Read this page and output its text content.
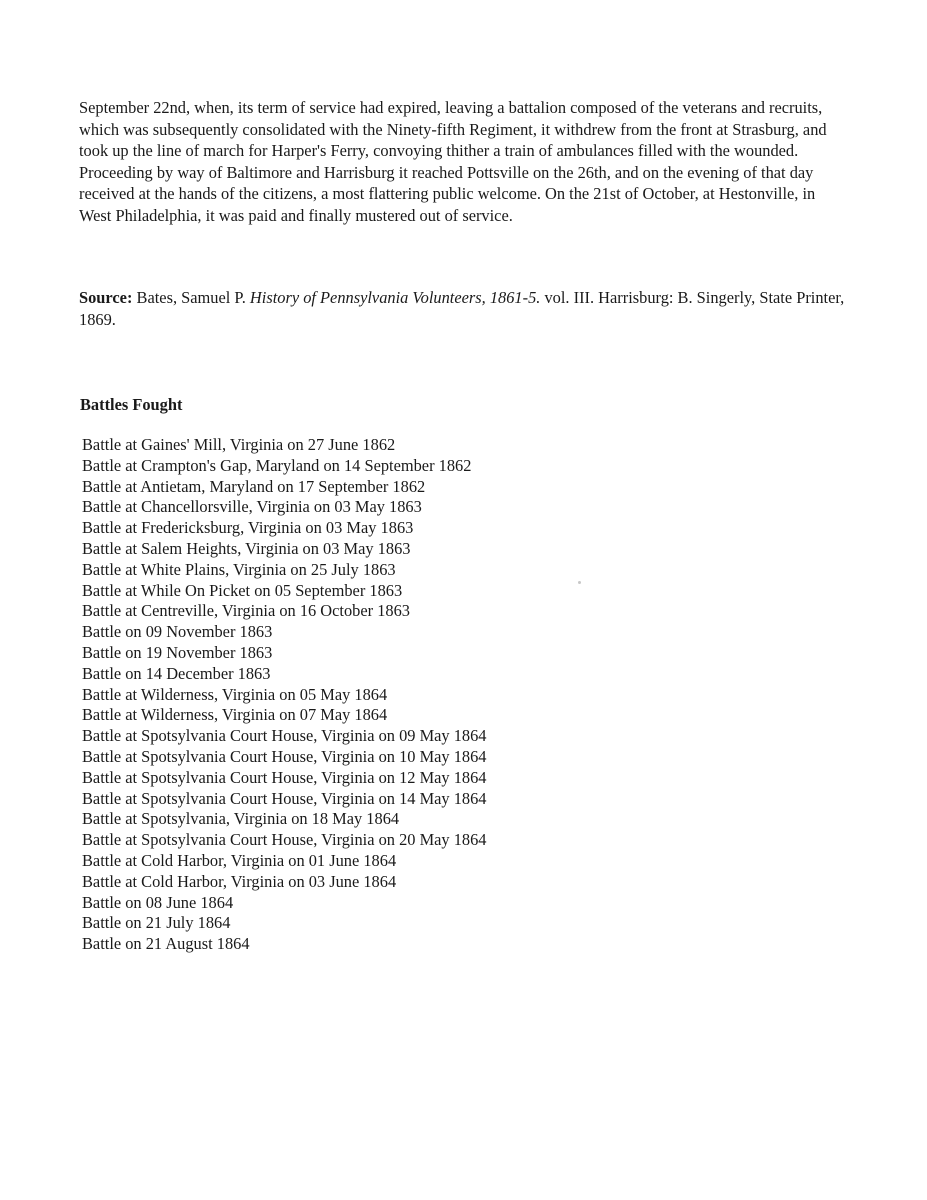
September 22nd, when, its term of service had expired, leaving a battalion composed of the veterans and recruits, which was subsequently consolidated with the Ninety-fifth Regiment, it withdrew from the front at Strasburg, and took up the line of march for Harper's Ferry, convoying thither a train of ambulances filled with the wounded. Proceeding by way of Baltimore and Harrisburg it reached Pottsville on the 26th, and on the evening of that day received at the hands of the citizens, a most flattering public welcome. On the 21st of October, at Hestonville, in West Philadelphia, it was paid and finally mustered out of service.

Source: Bates, Samuel P. History of Pennsylvania Volunteers, 1861-5. vol. III. Harrisburg: B. Singerly, State Printer, 1869.

Battles Fought

Battle at Gaines' Mill, Virginia on 27 June 1862
Battle at Crampton's Gap, Maryland on 14 September 1862
Battle at Antietam, Maryland on 17 September 1862
Battle at Chancellorsville, Virginia on 03 May 1863
Battle at Fredericksburg, Virginia on 03 May 1863
Battle at Salem Heights, Virginia on 03 May 1863
Battle at White Plains, Virginia on 25 July 1863
Battle at While On Picket on 05 September 1863
Battle at Centreville, Virginia on 16 October 1863
Battle on 09 November 1863
Battle on 19 November 1863
Battle on 14 December 1863
Battle at Wilderness, Virginia on 05 May 1864
Battle at Wilderness, Virginia on 07 May 1864
Battle at Spotsylvania Court House, Virginia on 09 May 1864
Battle at Spotsylvania Court House, Virginia on 10 May 1864
Battle at Spotsylvania Court House, Virginia on 12 May 1864
Battle at Spotsylvania Court House, Virginia on 14 May 1864
Battle at Spotsylvania, Virginia on 18 May 1864
Battle at Spotsylvania Court House, Virginia on 20 May 1864
Battle at Cold Harbor, Virginia on 01 June 1864
Battle at Cold Harbor, Virginia on 03 June 1864
Battle on 08 June 1864
Battle on 21 July 1864
Battle on 21 August 1864
